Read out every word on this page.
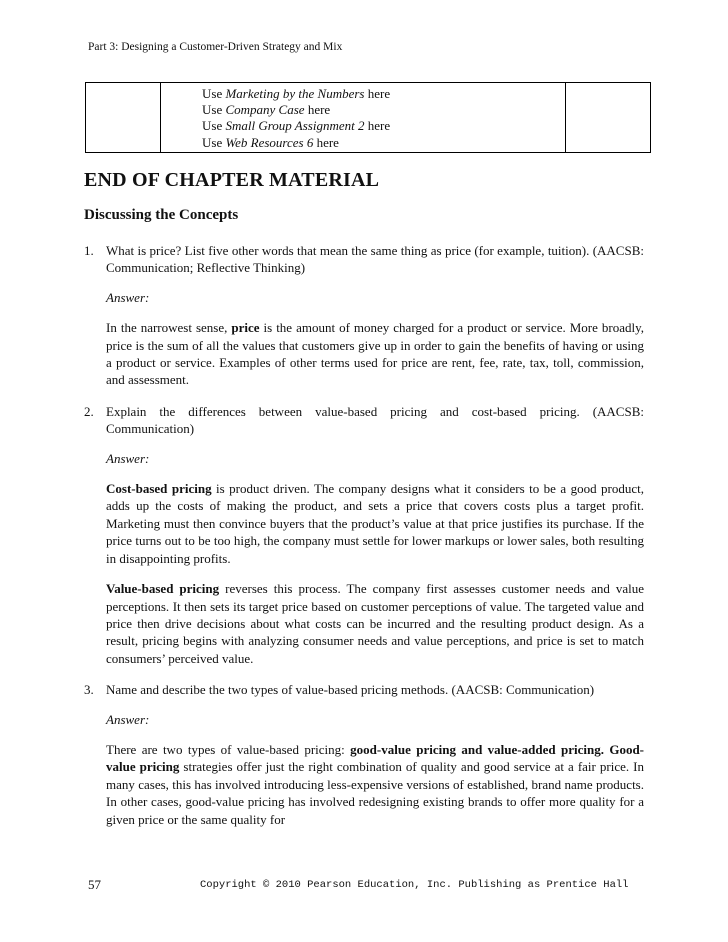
Part 3: Designing a Customer-Driven Strategy and Mix

Use Marketing by the Numbers here
Use Company Case here
Use Small Group Assignment 2 here
Use Web Resources 6 here

END OF CHAPTER MATERIAL
Discussing the Concepts
1. What is price? List five other words that mean the same thing as price (for example, tuition). (AACSB: Communication; Reflective Thinking)
Answer:
In the narrowest sense, price is the amount of money charged for a product or service. More broadly, price is the sum of all the values that customers give up in order to gain the benefits of having or using a product or service. Examples of other terms used for price are rent, fee, rate, tax, toll, commission, and assessment.
2. Explain the differences between value-based pricing and cost-based pricing. (AACSB: Communication)
Answer:
Cost-based pricing is product driven. The company designs what it considers to be a good product, adds up the costs of making the product, and sets a price that covers costs plus a target profit. Marketing must then convince buyers that the product’s value at that price justifies its purchase. If the price turns out to be too high, the company must settle for lower markups or lower sales, both resulting in disappointing profits.
Value-based pricing reverses this process. The company first assesses customer needs and value perceptions. It then sets its target price based on customer perceptions of value. The targeted value and price then drive decisions about what costs can be incurred and the resulting product design. As a result, pricing begins with analyzing consumer needs and value perceptions, and price is set to match consumers’ perceived value.
3. Name and describe the two types of value-based pricing methods. (AACSB: Communication)
Answer:
There are two types of value-based pricing: good-value pricing and value-added pricing. Good-value pricing strategies offer just the right combination of quality and good service at a fair price. In many cases, this has involved introducing less-expensive versions of established, brand name products. In other cases, good-value pricing has involved redesigning existing brands to offer more quality for a given price or the same quality for
57	Copyright © 2010 Pearson Education, Inc. Publishing as Prentice Hall
